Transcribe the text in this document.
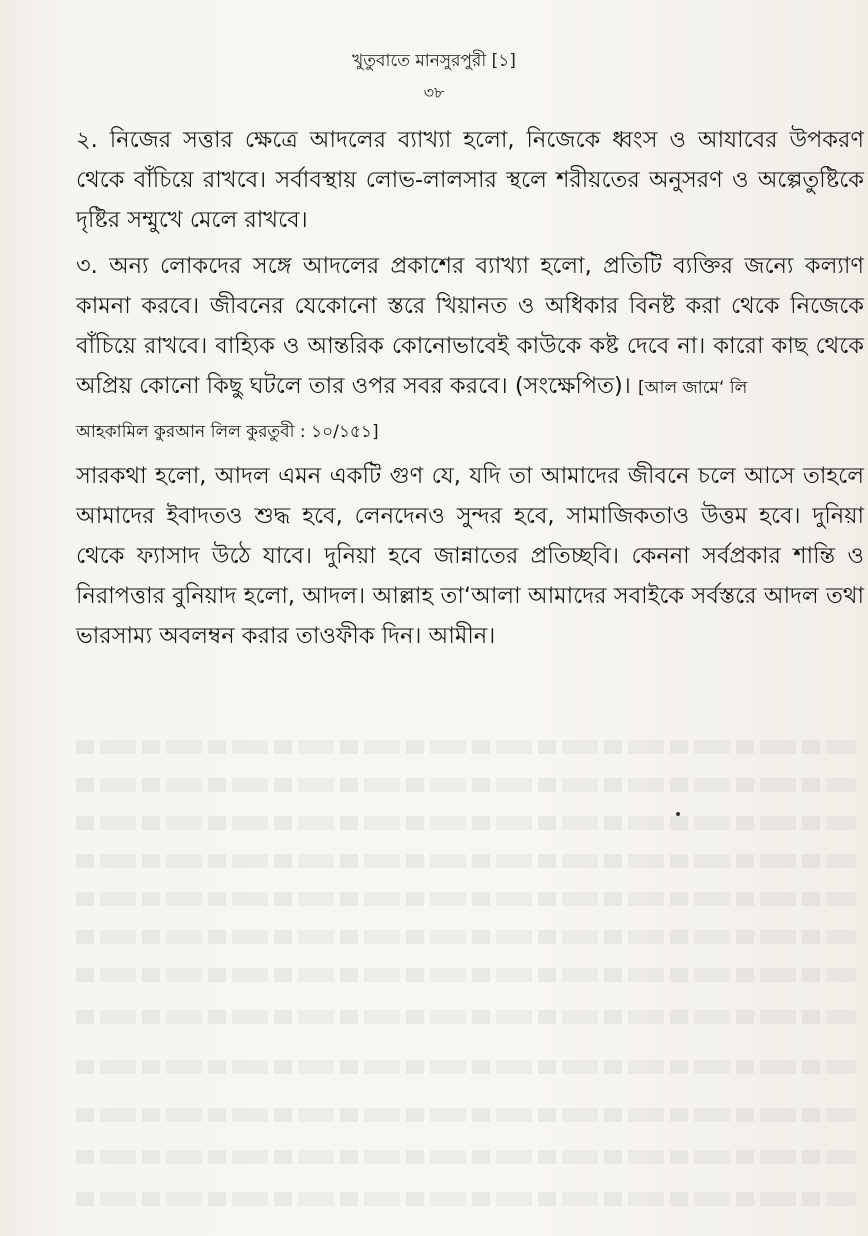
খুতুবাতে মানসুরপুরী [১]
৩৮

২. নিজের সত্তার ক্ষেত্রে আদলের ব্যাখ্যা হলো, নিজেকে ধ্বংস ও আযাবের উপকরণ থেকে বাঁচিয়ে রাখবে। সর্বাবস্থায় লোভ-লালসার স্থলে শরীয়তের অনুসরণ ও অল্পেতুষ্টিকে দৃষ্টির সম্মুখে মেলে রাখবে।

৩. অন্য লোকদের সঙ্গে আদলের প্রকাশের ব্যাখ্যা হলো, প্রতিটি ব্যক্তির জন্যে কল্যাণ কামনা করবে। জীবনের যেকোনো স্তরে খিয়ানত ও অধিকার বিনষ্ট করা থেকে নিজেকে বাঁচিয়ে রাখবে। বাহ্যিক ও আন্তরিক কোনোভাবেই কাউকে কষ্ট দেবে না। কারো কাছ থেকে অপ্রিয় কোনো কিছু ঘটলে তার ওপর সবর করবে। (সংক্ষেপিত)। [আল জামে‘ লি

আহকামিল কুরআন লিল কুরতুবী : ১০/১৫১]

সারকথা হলো, আদল এমন একটি গুণ যে, যদি তা আমাদের জীবনে চলে আসে তাহলে আমাদের ইবাদতও শুদ্ধ হবে, লেনদেনও সুন্দর হবে, সামাজিকতাও উত্তম হবে। দুনিয়া থেকে ফ্যাসাদ উঠে যাবে। দুনিয়া হবে জান্নাতের প্রতিচ্ছবি। কেননা সর্বপ্রকার শান্তি ও নিরাপত্তার বুনিয়াদ হলো, আদল। আল্লাহ তা‘আলা আমাদের সবাইকে সর্বস্তরে আদল তথা ভারসাম্য অবলম্বন করার তাওফীক দিন। আমীন।
